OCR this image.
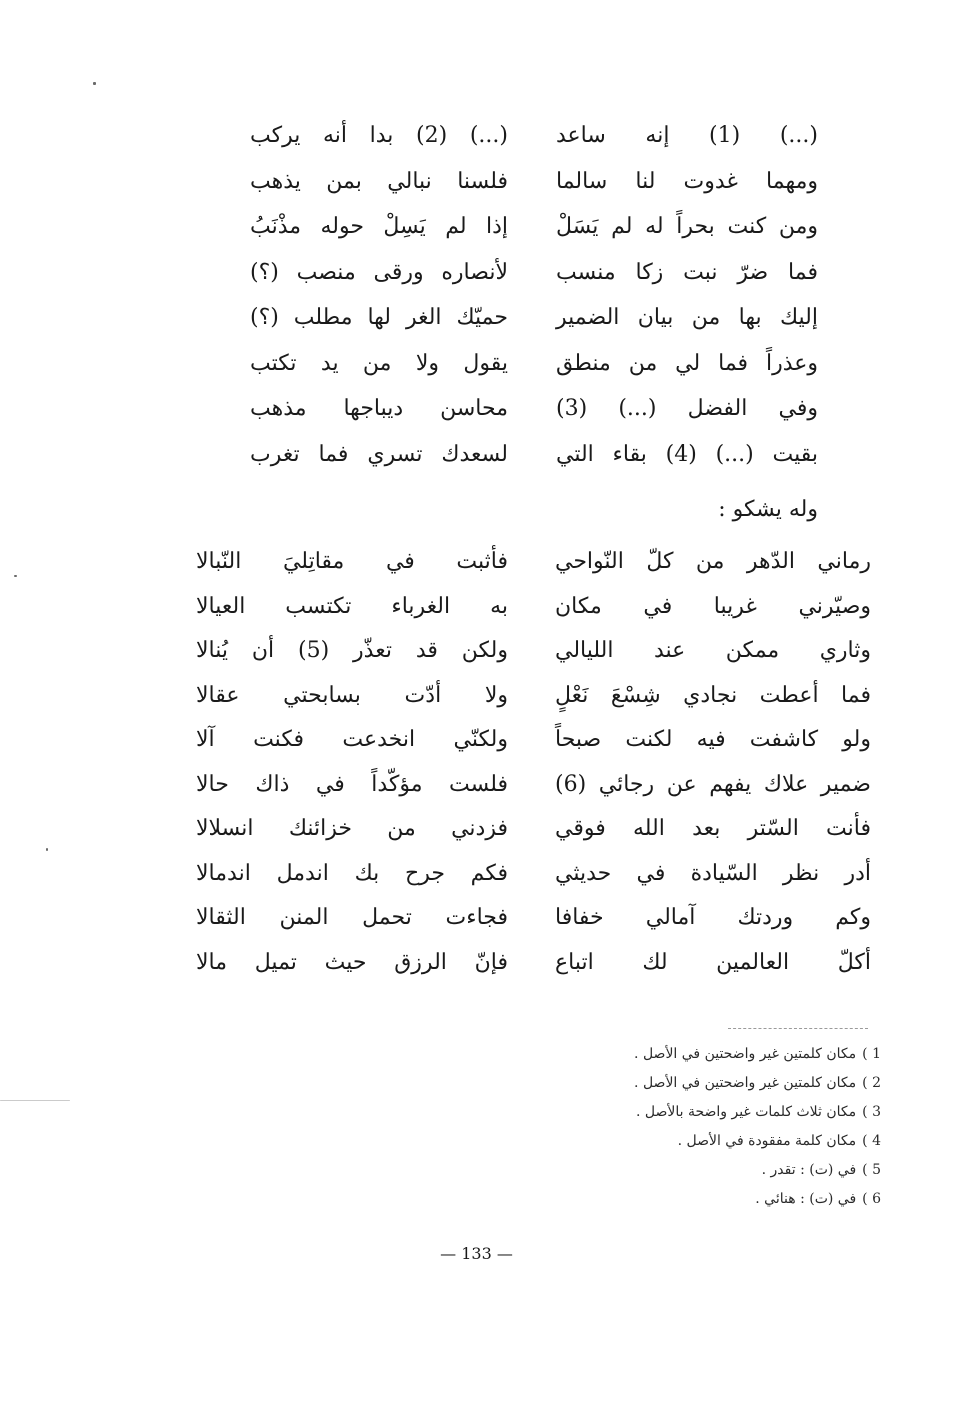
(...) (1) إنه ساعد
(...) (2) بدا أنه يركب
ومهما غدوت لنا سالما
فلسنا نبالي بمن يذهب
ومن كنت بحراً له لم يَسَلْ
إذا لم يَسِلْ حوله مذْنَبُ
فما ضرّ نبت زكا منسب
لأنصاره ورقى منصب (؟)
إليك بها من بيان الضمير
حميّك الغر لها مطلب (؟)
وعذراً فما لي من منطق
يقول ولا من يد تكتب
وفي الفضل (...) (3)
محاسن ديباجها مذهب
بقيت (...) (4) بقاء التي
لسعدك تسري فما تغرب
وله يشكو :
رماني الدّهر من كلّ النّواحي
فأثبت في مقاتِليَ النّبالا
وصيّرني غريبا في مكان
به الغرباء تكتسب العيالا
وثاري ممكن عند الليالي
ولكن قد تعذّر (5) أن يُنالا
فما أعطت نجادي شِسْعَ نَعْلٍ
ولا أدّت بسابحتي عقالا
ولو كاشفت فيه لكنت صبحاً
ولكنّي انخدعت فكنت آلا
ضمير علاك يفهم عن رجائي (6)
فلست مؤكّداً في ذاك حالا
فأنت السّتر بعد الله فوقي
فزدني من خزائنك انسلالا
أدر نظر السّيادة في حديثي
فكم جرح بك اندمل اندمالا
وكم وردتك آمالي خفافا
فجاءت تحمل المنن الثقالا
أكلّ العالمين لك اتباع
فإنّ الرزق حيث تميل مالا
1 )مكان كلمتين غير واضحتين في الأصل .
2 )مكان كلمتين غير واضحتين في الأصل .
3 )مكان ثلاث كلمات غير واضحة بالأصل .
4 )مكان كلمة مفقودة في الأصل .
5 )في (ت) : تقدر .
6 )في (ت) : هنائي .
— 133 —
